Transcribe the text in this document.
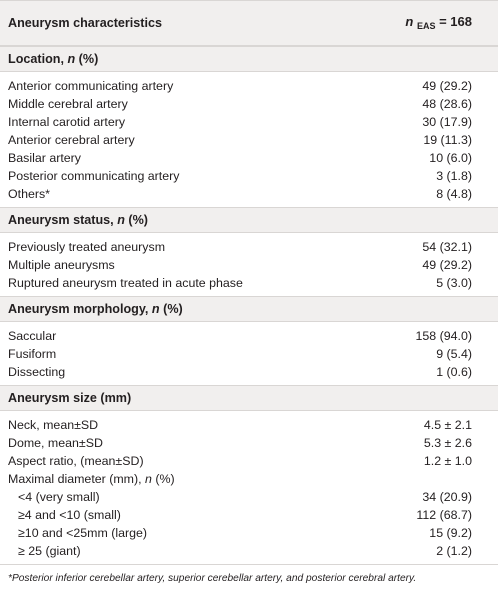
Aneurysm characteristics	n $_{EAS}$ = 168
Location, n (%)
Anterior communicating artery	49 (29.2)
Middle cerebral artery	48 (28.6)
Internal carotid artery	30 (17.9)
Anterior cerebral artery	19 (11.3)
Basilar artery	10 (6.0)
Posterior communicating artery	3 (1.8)
Others*	8 (4.8)
Aneurysm status, n (%)
Previously treated aneurysm	54 (32.1)
Multiple aneurysms	49 (29.2)
Ruptured aneurysm treated in acute phase	5 (3.0)
Aneurysm morphology, n (%)
Saccular	158 (94.0)
Fusiform	9 (5.4)
Dissecting	1 (0.6)
Aneurysm size (mm)
Neck, mean±SD	4.5 ± 2.1
Dome, mean±SD	5.3 ± 2.6
Aspect ratio, (mean±SD)	1.2 ± 1.0
Maximal diameter (mm), n (%)
<4 (very small)	34 (20.9)
≥4 and <10 (small)	112 (68.7)
≥10 and <25mm (large)	15 (9.2)
≥ 25 (giant)	2 (1.2)
*Posterior inferior cerebellar artery, superior cerebellar artery, and posterior cerebral artery.
